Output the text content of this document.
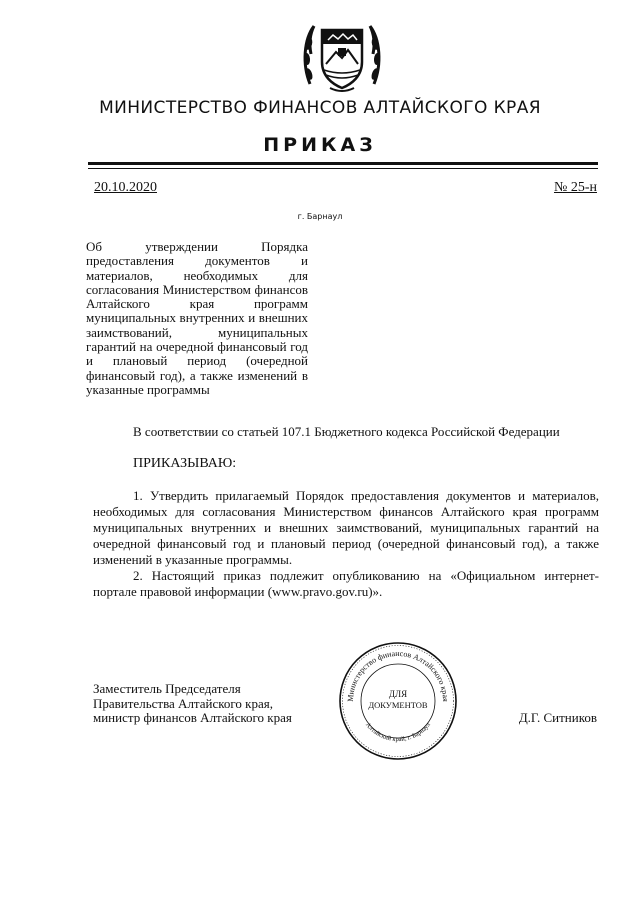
МИНИСТЕРСТВО ФИНАНСОВ АЛТАЙСКОГО КРАЯ
ПРИКАЗ
20.10.2020	№ 25-н
г. Барнаул

Об утверждении Порядка предоставления документов и материалов, необходимых для согласования Министерством финансов Алтайского края программ муниципальных внутренних и внешних заимствований, муниципальных гарантий на очередной финансовый год и плановый период (очередной финансовый год), а также изменений в указанные программы

В соответствии со статьей 107.1 Бюджетного кодекса Российской Федерации

ПРИКАЗЫВАЮ:

1. Утвердить прилагаемый Порядок предоставления документов и материалов, необходимых для согласования Министерством финансов Алтайского края программ муниципальных внутренних и внешних заимствований, муниципальных гарантий на очередной финансовый год и плановый период (очередной финансовый год), а также изменений в указанные программы.

2. Настоящий приказ подлежит опубликованию на «Официальном интернет-портале правовой информации (www.pravo.gov.ru)».

Заместитель Председателя
Правительства Алтайского края,
министр финансов Алтайского края	Д.Г. Ситников
Министерство финансов Алтайского края
Алтайский край, г. Барнаул
ДЛЯ
ДОКУМЕНТОВ
